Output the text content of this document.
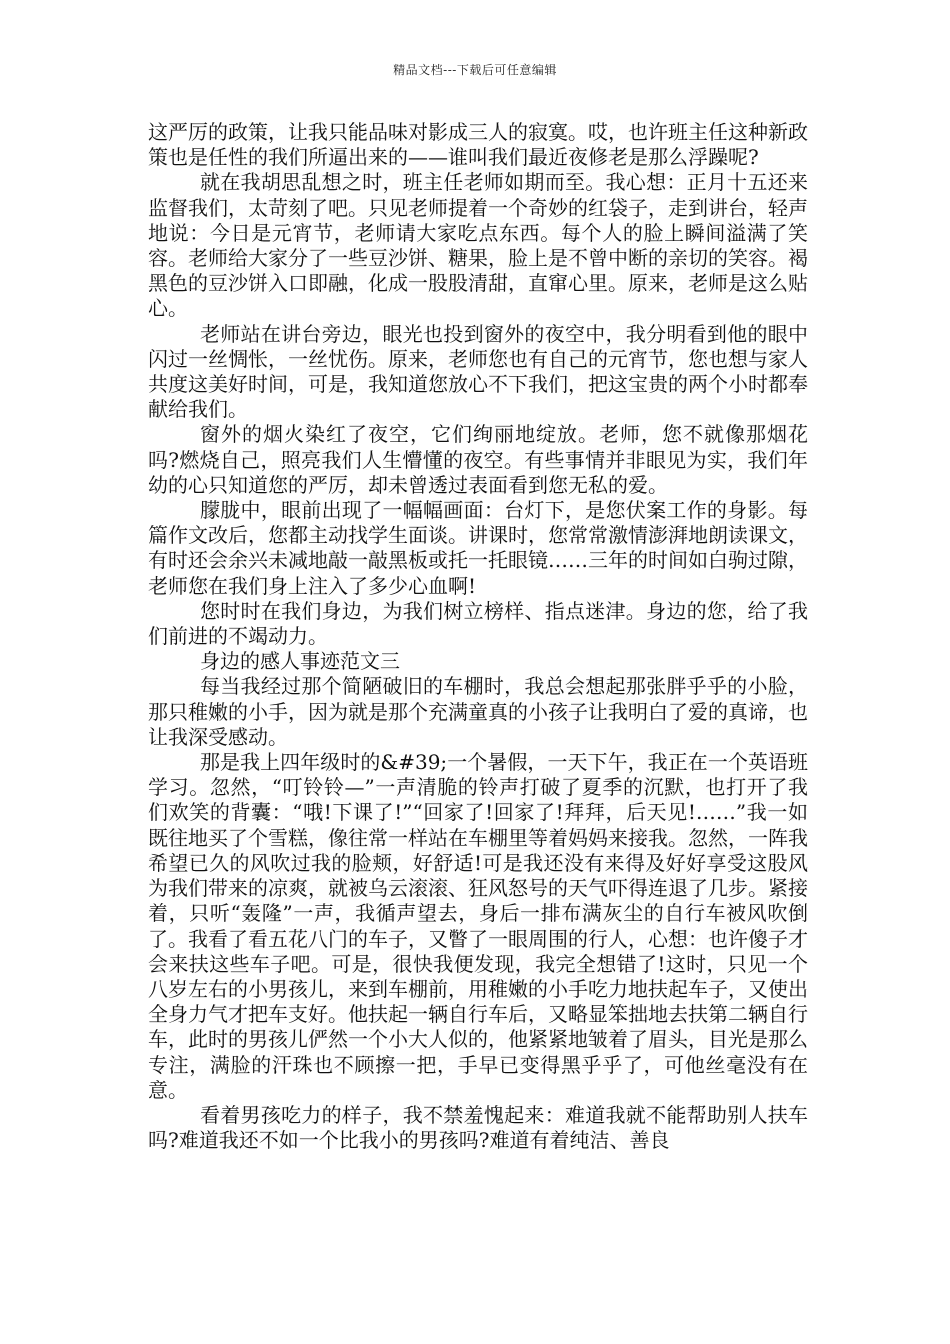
精品文档---下载后可任意编辑

这严厉的政策，让我只能品味对影成三人的寂寞。哎，也许班主任这种新政策也是任性的我们所逼出来的——谁叫我们最近夜修老是那么浮躁呢?

就在我胡思乱想之时，班主任老师如期而至。我心想：正月十五还来监督我们，太苛刻了吧。只见老师提着一个奇妙的红袋子，走到讲台，轻声地说：今日是元宵节，老师请大家吃点东西。每个人的脸上瞬间溢满了笑容。老师给大家分了一些豆沙饼、糖果，脸上是不曾中断的亲切的笑容。褐黑色的豆沙饼入口即融，化成一股股清甜，直窜心里。原来，老师是这么贴心。

老师站在讲台旁边，眼光也投到窗外的夜空中，我分明看到他的眼中闪过一丝惆怅，一丝忧伤。原来，老师您也有自己的元宵节，您也想与家人共度这美好时间，可是，我知道您放心不下我们，把这宝贵的两个小时都奉献给我们。

窗外的烟火染红了夜空，它们绚丽地绽放。老师，您不就像那烟花吗?燃烧自己，照亮我们人生懵懂的夜空。有些事情并非眼见为实，我们年幼的心只知道您的严厉，却未曾透过表面看到您无私的爱。

朦胧中，眼前出现了一幅幅画面：台灯下，是您伏案工作的身影。每篇作文改后，您都主动找学生面谈。讲课时，您常常激情澎湃地朗读课文，有时还会余兴未减地敲一敲黑板或托一托眼镜……三年的时间如白驹过隙，老师您在我们身上注入了多少心血啊!

您时时在我们身边，为我们树立榜样、指点迷津。身边的您，给了我们前进的不竭动力。

身边的感人事迹范文三

每当我经过那个简陋破旧的车棚时，我总会想起那张胖乎乎的小脸，那只稚嫩的小手，因为就是那个充满童真的小孩子让我明白了爱的真谛，也让我深受感动。

那是我上四年级时的&#39;一个暑假，一天下午，我正在一个英语班学习。忽然，“叮铃铃—”一声清脆的铃声打破了夏季的沉默，也打开了我们欢笑的背囊：“哦!下课了!”“回家了!回家了!拜拜，后天见!……”我一如既往地买了个雪糕，像往常一样站在车棚里等着妈妈来接我。忽然，一阵我希望已久的风吹过我的脸颊，好舒适!可是我还没有来得及好好享受这股风为我们带来的凉爽，就被乌云滚滚、狂风怒号的天气吓得连退了几步。紧接着，只听“轰隆”一声，我循声望去，身后一排布满灰尘的自行车被风吹倒了。我看了看五花八门的车子，又瞥了一眼周围的行人，心想：也许傻子才会来扶这些车子吧。可是，很快我便发现，我完全想错了!这时，只见一个八岁左右的小男孩儿，来到车棚前，用稚嫩的小手吃力地扶起车子，又使出全身力气才把车支好。他扶起一辆自行车后，又略显笨拙地去扶第二辆自行车，此时的男孩儿俨然一个小大人似的，他紧紧地皱着了眉头，目光是那么专注，满脸的汗珠也不顾擦一把，手早已变得黑乎乎了，可他丝毫没有在意。

看着男孩吃力的样子，我不禁羞愧起来：难道我就不能帮助别人扶车吗?难道我还不如一个比我小的男孩吗?难道有着纯洁、善良
